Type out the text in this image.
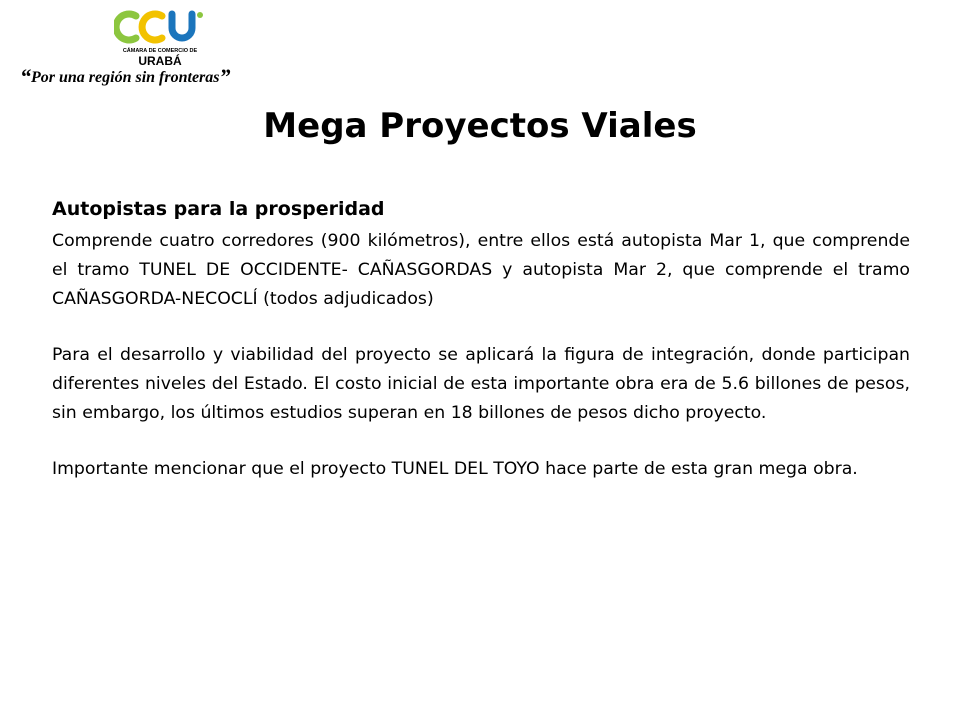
CÁMARA DE COMERCIO DE
URABÁ
“Por una región sin fronteras”
Mega Proyectos Viales
Autopistas para la prosperidad

Comprende cuatro corredores (900 kilómetros), entre ellos está autopista Mar 1, que comprende el tramo TUNEL DE OCCIDENTE- CAÑASGORDAS y autopista Mar 2, que comprende el tramo CAÑASGORDA-NECOCLÍ (todos adjudicados)

Para el desarrollo y viabilidad del proyecto se aplicará la figura de integración, donde participan diferentes niveles del Estado. El costo inicial de esta importante obra era de 5.6 billones de pesos, sin embargo, los últimos estudios superan en 18 billones de pesos dicho proyecto.

Importante mencionar que el proyecto TUNEL DEL TOYO hace parte de esta gran mega obra.
